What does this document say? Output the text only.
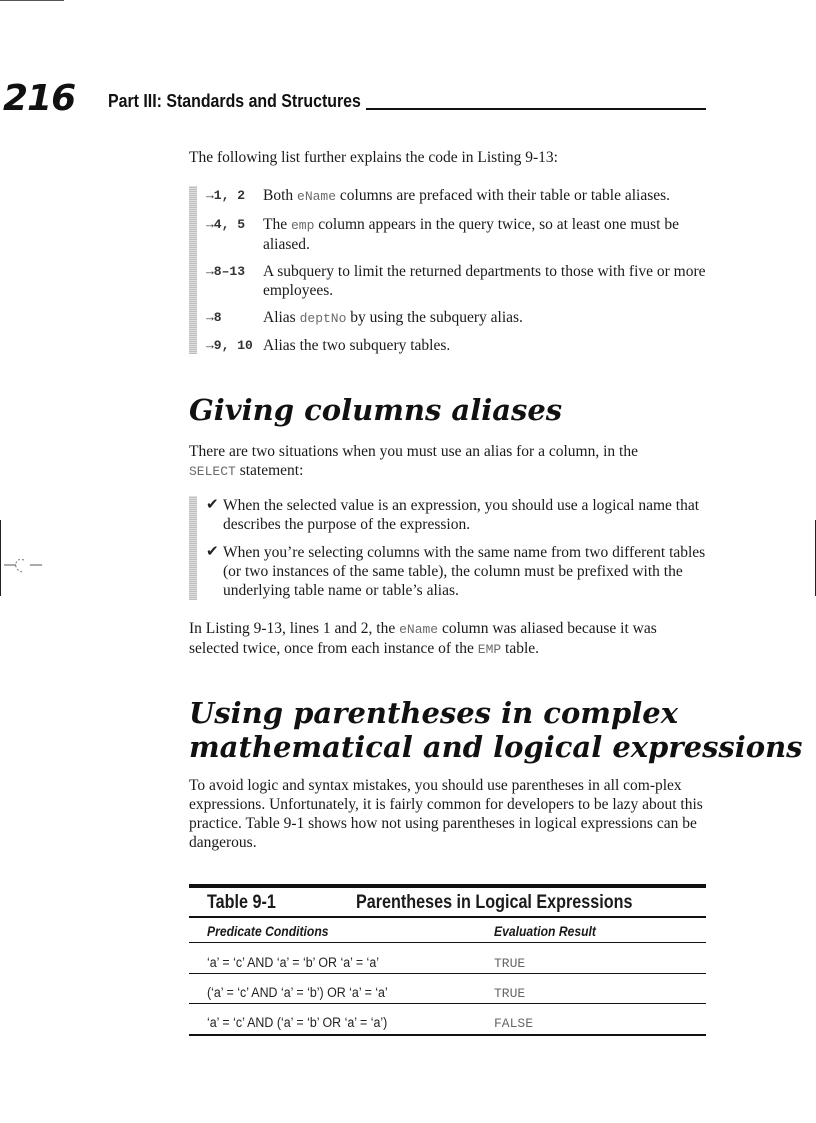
216 Part III: Standards and Structures
The following list further explains the code in Listing 9-13:
→1, 2 Both eName columns are prefaced with their table or table aliases.
→4, 5 The emp column appears in the query twice, so at least one must be aliased.
→8–13 A subquery to limit the returned departments to those with five or more employees.
→8	Alias deptNo by using the subquery alias.
→9, 10 Alias the two subquery tables.
Giving columns aliases
There are two situations when you must use an alias for a column, in the
SELECT statement:
✔ When the selected value is an expression, you should use a logical name that describes the purpose of the expression.
✔ When you’re selecting columns with the same name from two different tables (or two instances of the same table), the column must be prefixed with the underlying table name or table’s alias.
In Listing 9-13, lines 1 and 2, the eName column was aliased because it was selected twice, once from each instance of the EMP table.
Using parentheses in complex
mathematical and logical expressions
To avoid logic and syntax mistakes, you should use parentheses in all com-plex expressions. Unfortunately, it is fairly common for developers to be lazy about this practice. Table 9-1 shows how not using parentheses in logical expressions can be dangerous.
Table 9-1	Parentheses in Logical Expressions
Predicate Conditions	Evaluation Result
‘a’ = ‘c’ AND ‘a’ = ‘b’ OR ‘a’ = ‘a’	TRUE
(‘a’ = ‘c’ AND ‘a’ = ‘b’) OR ‘a’ = ‘a’	TRUE
‘a’ = ‘c’ AND (‘a’ = ‘b’ OR ‘a’ = ‘a’)	FALSE
